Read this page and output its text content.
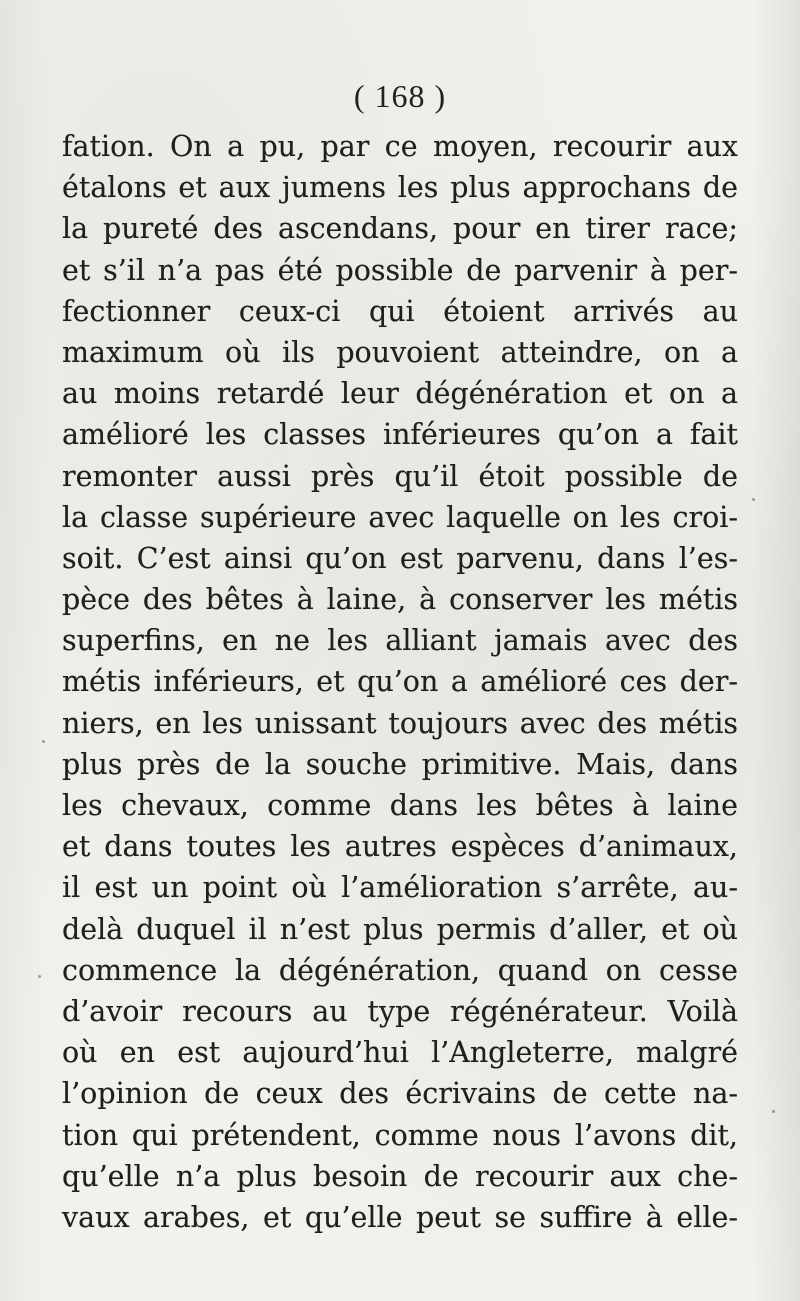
( 168 )
fation. On a pu, par ce moyen, recourir aux
étalons et aux jumens les plus approchans de
la pureté des ascendans, pour en tirer race;
et s’il n’a pas été possible de parvenir à per-
fectionner ceux-ci qui étoient arrivés au
maximum où ils pouvoient atteindre, on a
au moins retardé leur dégénération et on a
amélioré les classes inférieures qu’on a fait
remonter aussi près qu’il étoit possible de
la classe supérieure avec laquelle on les croi-
soit. C’est ainsi qu’on est parvenu, dans l’es-
pèce des bêtes à laine, à conserver les métis
superfins, en ne les alliant jamais avec des
métis inférieurs, et qu’on a amélioré ces der-
niers, en les unissant toujours avec des métis
plus près de la souche primitive. Mais, dans
les chevaux, comme dans les bêtes à laine
et dans toutes les autres espèces d’animaux,
il est un point où l’amélioration s’arrête, au-
delà duquel il n’est plus permis d’aller, et où
commence la dégénération, quand on cesse
d’avoir recours au type régénérateur. Voilà
où en est aujourd’hui l’Angleterre, malgré
l’opinion de ceux des écrivains de cette na-
tion qui prétendent, comme nous l’avons dit,
qu’elle n’a plus besoin de recourir aux che-
vaux arabes, et qu’elle peut se suffire à elle-
